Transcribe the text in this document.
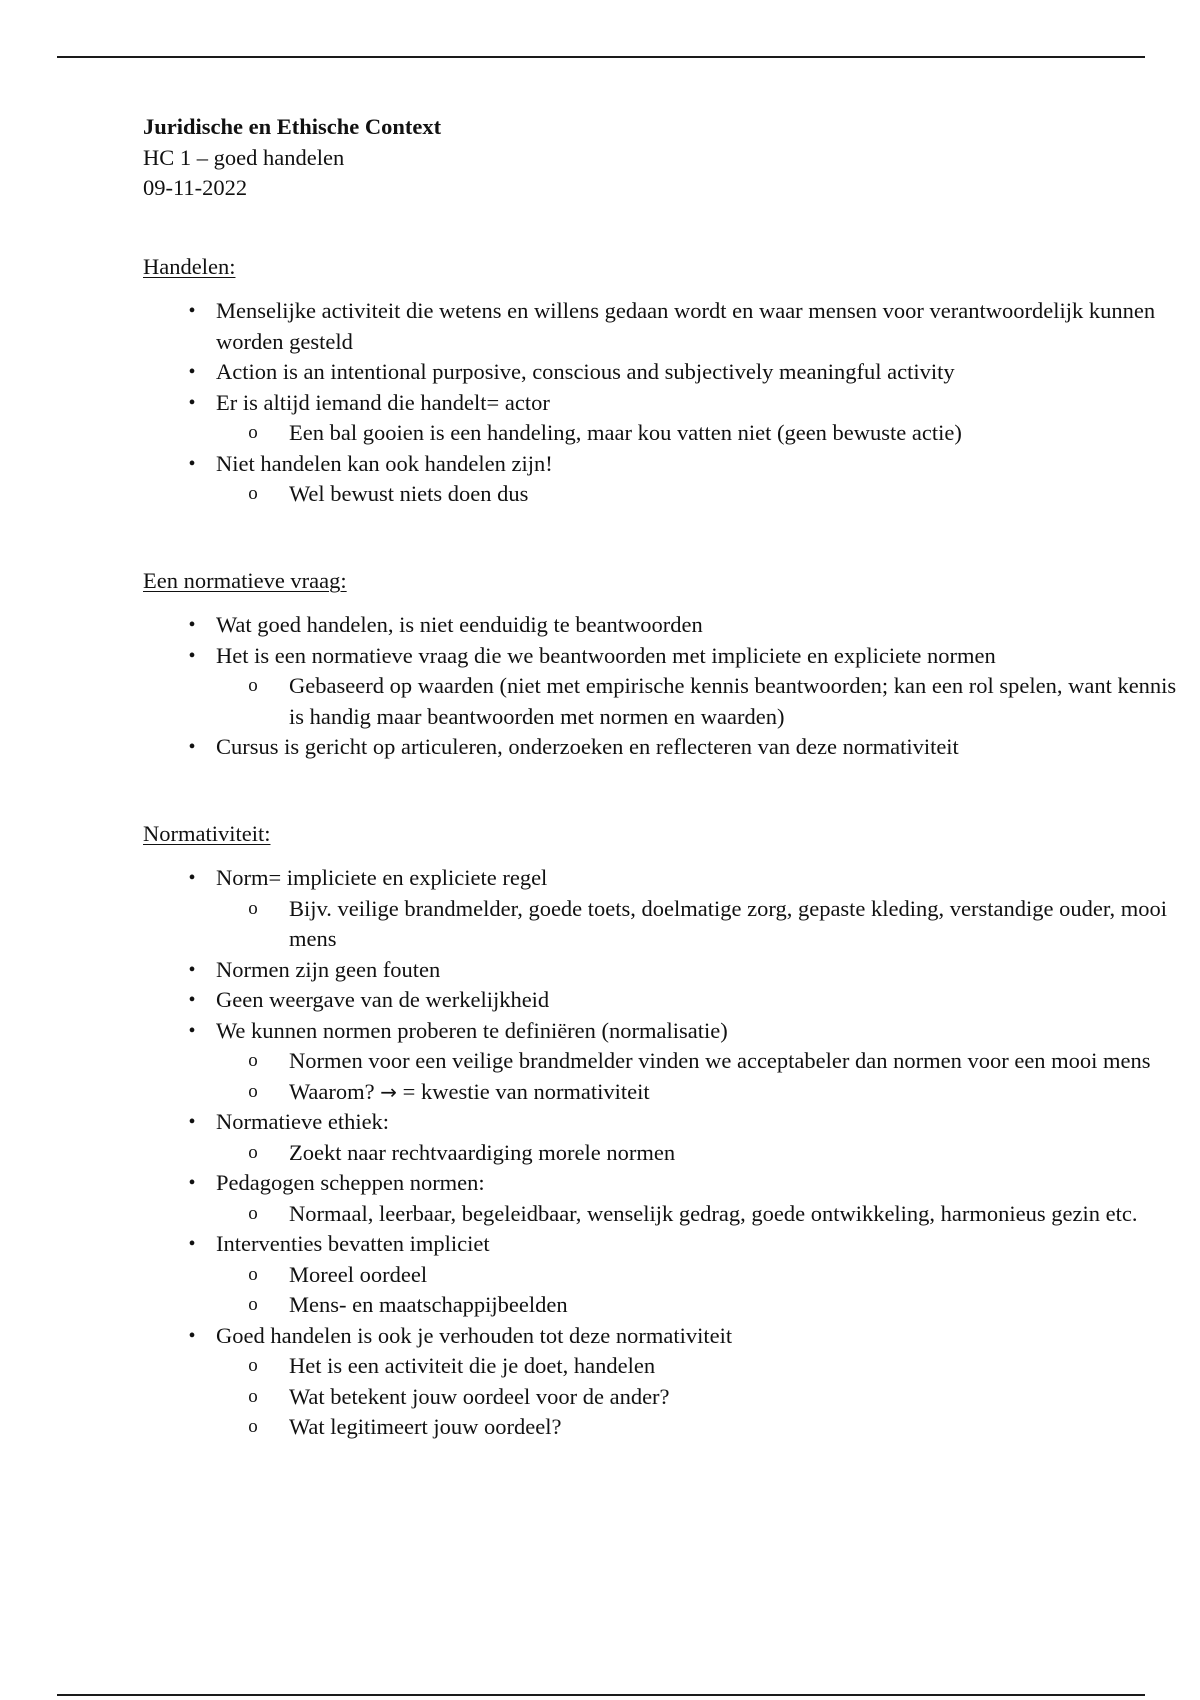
Juridische en Ethische Context
HC 1 – goed handelen
09-11-2022
Handelen:
• Menselijke activiteit die wetens en willens gedaan wordt en waar mensen voor verantwoordelijk kunnen worden gesteld
• Action is an intentional purposive, conscious and subjectively meaningful activity
• Er is altijd iemand die handelt= actor
o Een bal gooien is een handeling, maar kou vatten niet (geen bewuste actie)
• Niet handelen kan ook handelen zijn!
o Wel bewust niets doen dus
Een normatieve vraag:
• Wat goed handelen, is niet eenduidig te beantwoorden
• Het is een normatieve vraag die we beantwoorden met impliciete en expliciete normen
o Gebaseerd op waarden (niet met empirische kennis beantwoorden; kan een rol spelen, want kennis is handig maar beantwoorden met normen en waarden)
• Cursus is gericht op articuleren, onderzoeken en reflecteren van deze normativiteit
Normativiteit:
• Norm= impliciete en expliciete regel
o Bijv. veilige brandmelder, goede toets, doelmatige zorg, gepaste kleding, verstandige ouder, mooi mens
• Normen zijn geen fouten
• Geen weergave van de werkelijkheid
• We kunnen normen proberen te definiëren (normalisatie)
o Normen voor een veilige brandmelder vinden we acceptabeler dan normen voor een mooi mens
o Waarom? → = kwestie van normativiteit
• Normatieve ethiek:
o Zoekt naar rechtvaardiging morele normen
• Pedagogen scheppen normen:
o Normaal, leerbaar, begeleidbaar, wenselijk gedrag, goede ontwikkeling, harmonieus gezin etc.
• Interventies bevatten impliciet
o Moreel oordeel
o Mens- en maatschappijbeelden
• Goed handelen is ook je verhouden tot deze normativiteit
o Het is een activiteit die je doet, handelen
o Wat betekent jouw oordeel voor de ander?
o Wat legitimeert jouw oordeel?
